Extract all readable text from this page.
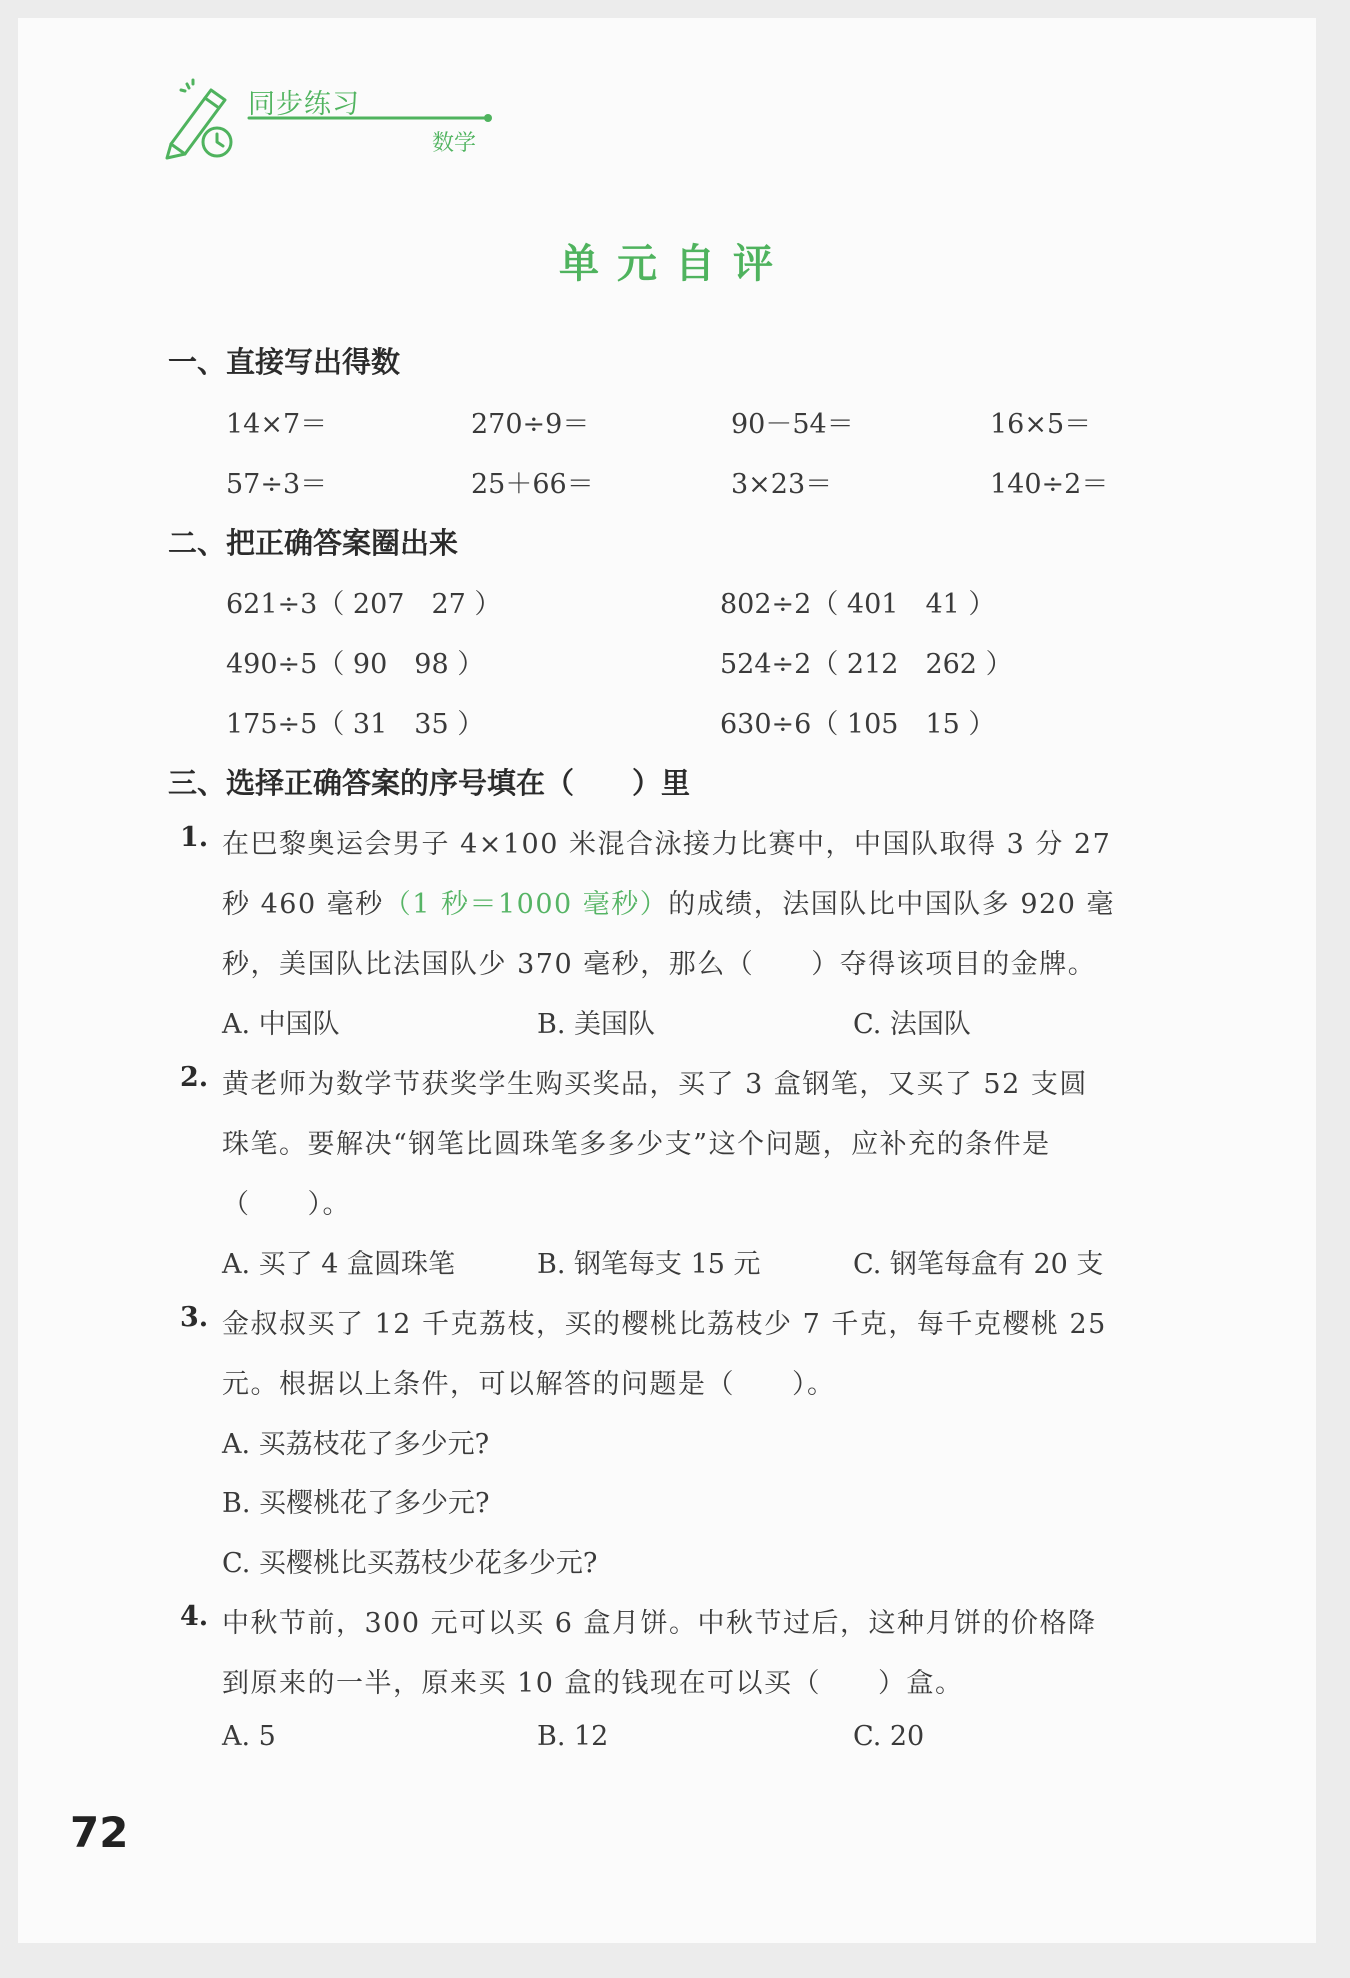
同步练习
数学
单元自评
一、直接写出得数
14×7＝	270÷9＝	90－54＝	16×5＝
57÷3＝	25＋66＝	3×23＝	140÷2＝
二、把正确答案圈出来
621÷3（ 207　27 ）	802÷2（ 401　41 ）
490÷5（ 90　98 ）	524÷2（ 212　262 ）
175÷5（ 31　35 ）	630÷6（ 105　15 ）
三、选择正确答案的序号填在（　　）里
1. 在巴黎奥运会男子 4×100 米混合泳接力比赛中，中国队取得 3 分 27
秒 460 毫秒（1 秒＝1000 毫秒）的成绩，法国队比中国队多 920 毫
秒，美国队比法国队少 370 毫秒，那么（　　）夺得该项目的金牌。
A. 中国队	B. 美国队	C. 法国队
2. 黄老师为数学节获奖学生购买奖品，买了 3 盒钢笔，又买了 52 支圆
珠笔。要解决“钢笔比圆珠笔多多少支”这个问题，应补充的条件是
（　　）。
A. 买了 4 盒圆珠笔	B. 钢笔每支 15 元	C. 钢笔每盒有 20 支
3. 金叔叔买了 12 千克荔枝，买的樱桃比荔枝少 7 千克，每千克樱桃 25
元。根据以上条件，可以解答的问题是（　　）。
A. 买荔枝花了多少元?
B. 买樱桃花了多少元?
C. 买樱桃比买荔枝少花多少元?
4. 中秋节前，300 元可以买 6 盒月饼。中秋节过后，这种月饼的价格降
到原来的一半，原来买 10 盒的钱现在可以买（　　）盒。
A. 5	B. 12	C. 20
72
